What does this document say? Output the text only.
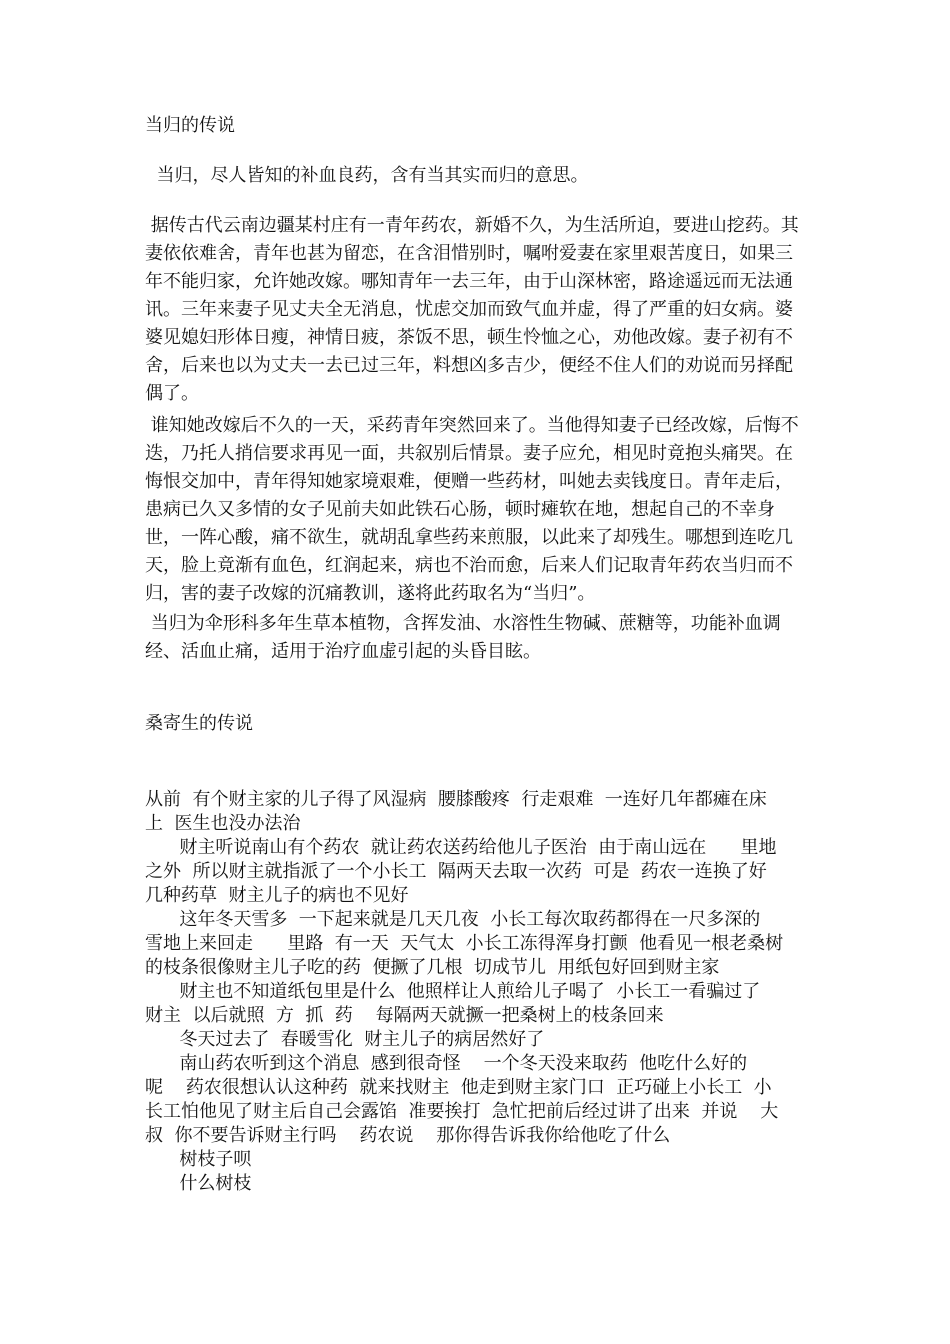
当归的传说

当归，尽人皆知的补血良药，含有当其实而归的意思。

据传古代云南边疆某村庄有一青年药农，新婚不久，为生活所迫，要进山挖药。其妻依依难舍，青年也甚为留恋，在含泪惜别时，嘱咐爱妻在家里艰苦度日，如果三年不能归家，允许她改嫁。哪知青年一去三年，由于山深林密，路途遥远而无法通讯。三年来妻子见丈夫全无消息，忧虑交加而致气血并虚，得了严重的妇女病。婆婆见媳妇形体日瘦，神情日疲，茶饭不思，顿生怜恤之心，劝他改嫁。妻子初有不舍，后来也以为丈夫一去已过三年，料想凶多吉少，便经不住人们的劝说而另择配偶了。

谁知她改嫁后不久的一天，采药青年突然回来了。当他得知妻子已经改嫁，后悔不迭，乃托人捎信要求再见一面，共叙别后情景。妻子应允，相见时竟抱头痛哭。在悔恨交加中，青年得知她家境艰难，便赠一些药材，叫她去卖钱度日。青年走后，患病已久又多情的女子见前夫如此铁石心肠，顿时瘫软在地，想起自己的不幸身世，一阵心酸，痛不欲生，就胡乱拿些药来煎服，以此来了却残生。哪想到连吃几天，脸上竟渐有血色，红润起来，病也不治而愈，后来人们记取青年药农当归而不归，害的妻子改嫁的沉痛教训，遂将此药取名为“当归”。

当归为伞形科多年生草本植物，含挥发油、水溶性生物碱、蔗糖等，功能补血调经、活血止痛，适用于治疗血虚引起的头昏目眩。

桑寄生的传说
从前  有个财主家的儿子得了风湿病  腰膝酸疼  行走艰难  一连好几年都瘫在床
上  医生也没办法治
财主听说南山有个药农  就让药农送药给他儿子医治  由于南山远在      里地
之外  所以财主就指派了一个小长工  隔两天去取一次药  可是  药农一连换了好
几种药草  财主儿子的病也不见好
这年冬天雪多  一下起来就是几天几夜  小长工每次取药都得在一尺多深的
雪地上来回走      里路  有一天  天气太  小长工冻得浑身打颤  他看见一根老桑树
的枝条很像财主儿子吃的药  便撅了几根  切成节儿  用纸包好回到财主家
财主也不知道纸包里是什么  他照样让人煎给儿子喝了  小长工一看骗过了
财主  以后就照  方  抓  药    每隔两天就撅一把桑树上的枝条回来
冬天过去了  春暖雪化  财主儿子的病居然好了
南山药农听到这个消息  感到很奇怪    一个冬天没来取药  他吃什么好的
呢    药农很想认认这种药  就来找财主  他走到财主家门口  正巧碰上小长工  小
长工怕他见了财主后自己会露馅  准要挨打  急忙把前后经过讲了出来  并说    大
叔  你不要告诉财主行吗    药农说    那你得告诉我你给他吃了什么
树枝子呗
什么树枝
